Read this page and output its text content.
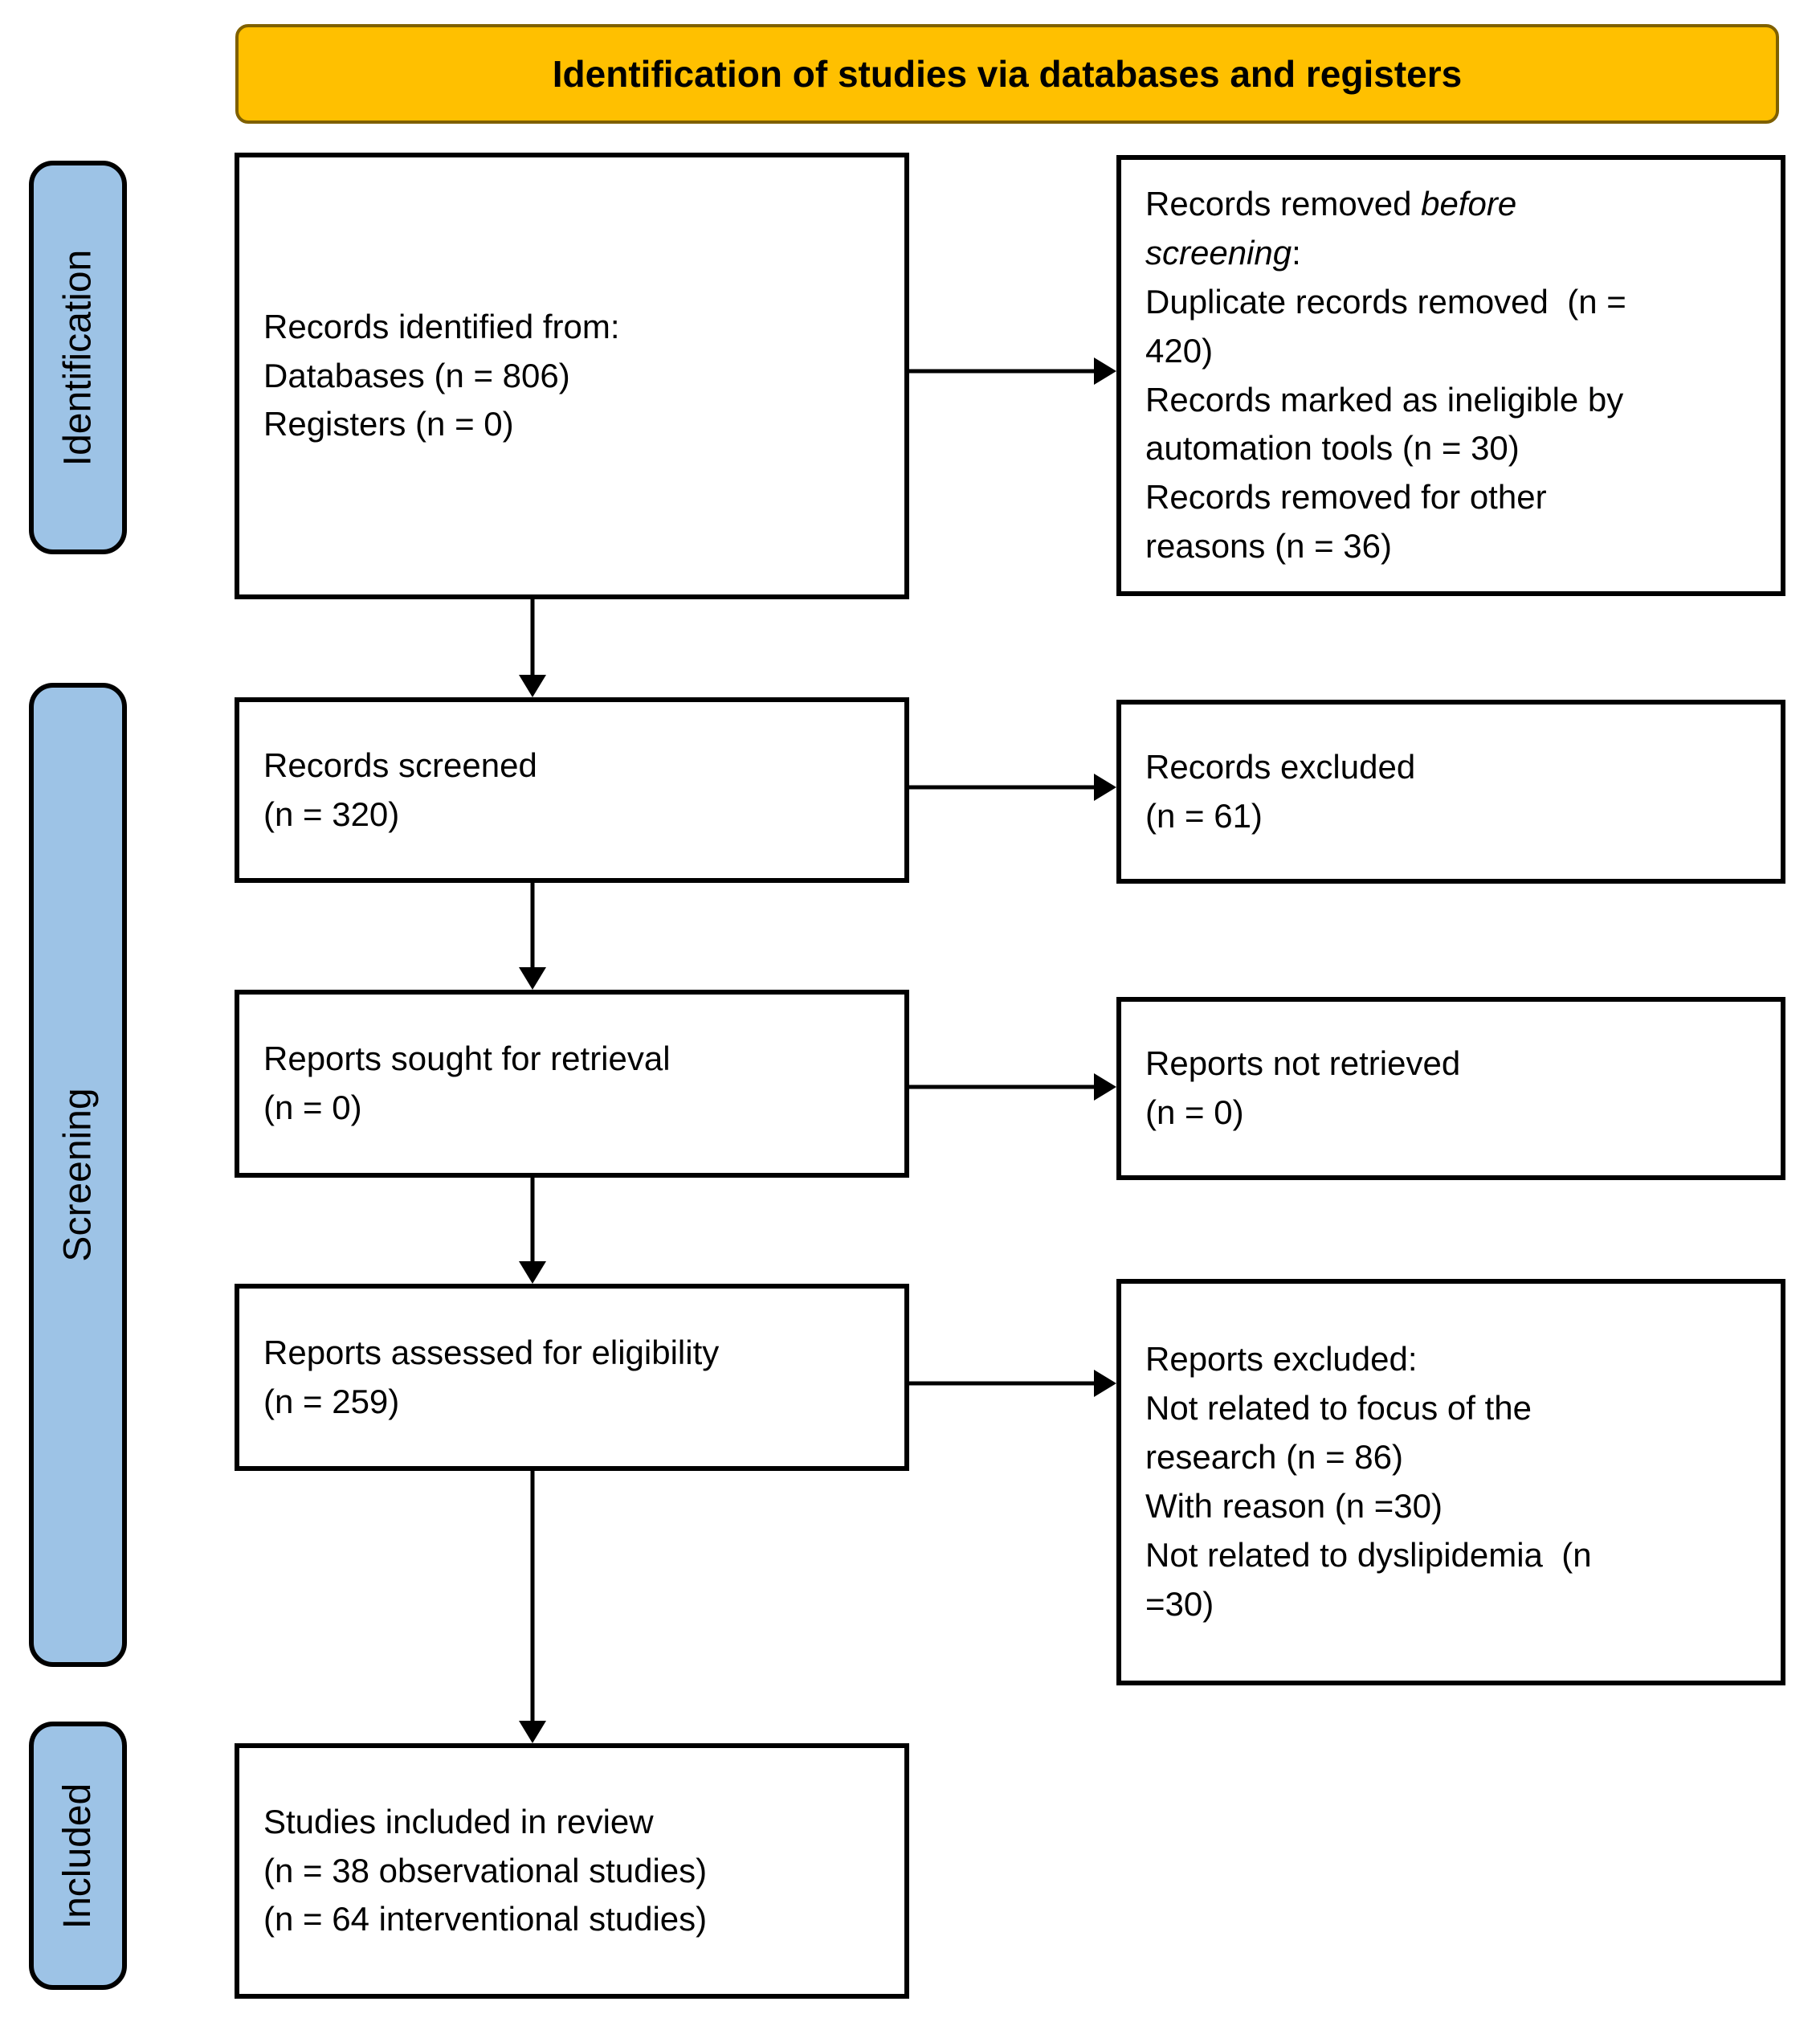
Identification of studies via databases and registers
Identification
Screening
Included
Records identified from:
Databases (n = 806)
Registers (n = 0)
Records removed before
screening:
Duplicate records removed  (n =
420)
Records marked as ineligible by
automation tools (n = 30)
Records removed for other
reasons (n = 36)
Records screened
(n = 320)
Records excluded
(n = 61)
Reports sought for retrieval
(n = 0)
Reports not retrieved
(n = 0)
Reports assessed for eligibility
(n = 259)
Reports excluded:
Not related to focus of the
research (n = 86)
With reason (n =30)
Not related to dyslipidemia  (n
=30)
Studies included in review
(n = 38 observational studies)
(n = 64 interventional studies)
